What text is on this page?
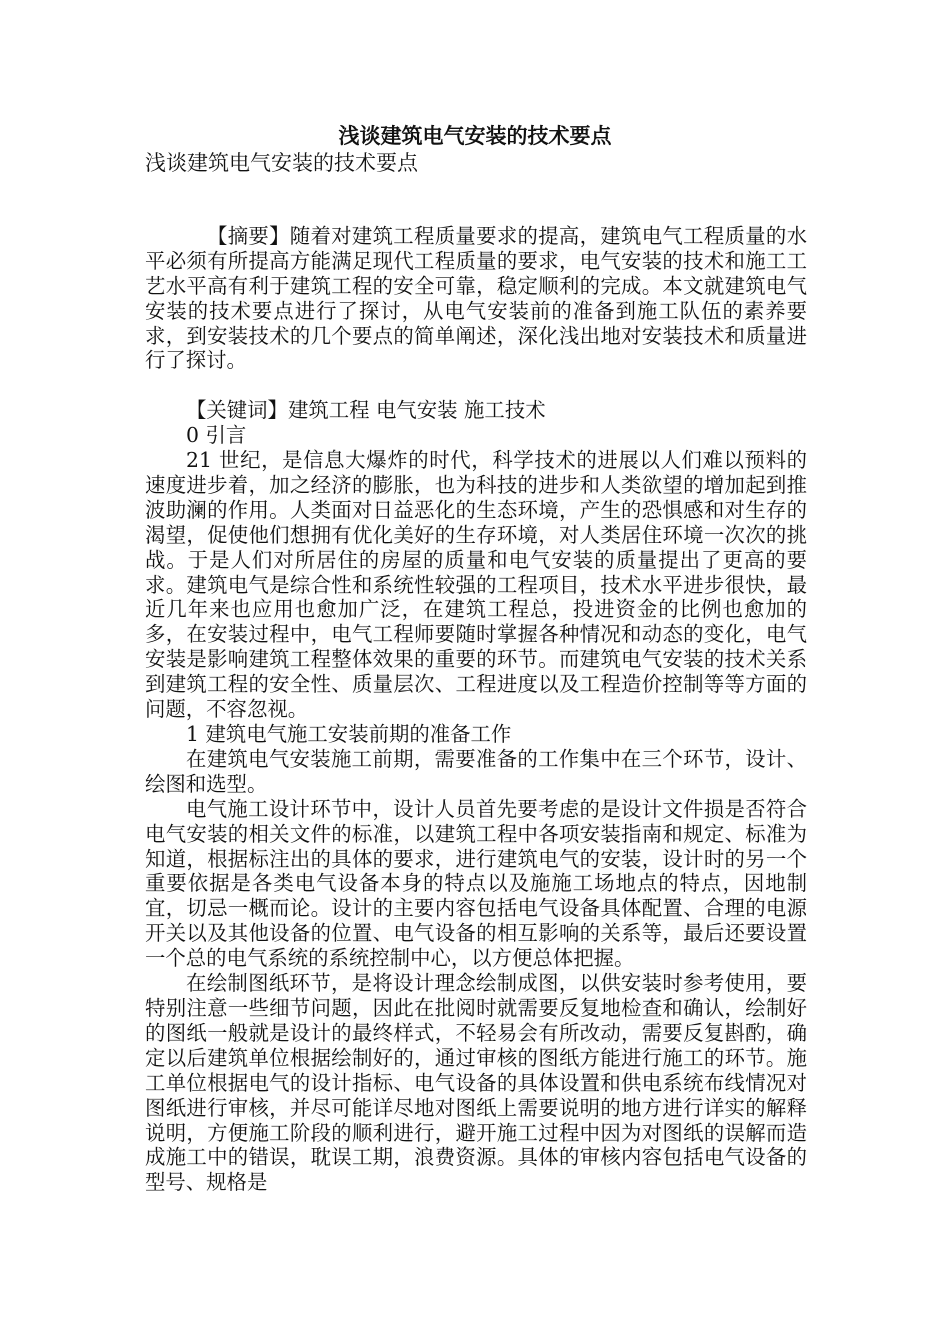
浅谈建筑电气安装的技术要点

浅谈建筑电气安装的技术要点

【摘要】随着对建筑工程质量要求的提高，建筑电气工程质量的水平必须有所提高方能满足现代工程质量的要求，电气安装的技术和施工工艺水平高有利于建筑工程的安全可靠，稳定顺利的完成。本文就建筑电气安装的技术要点进行了探讨，从电气安装前的准备到施工队伍的素养要求，到安装技术的几个要点的简单阐述，深化浅出地对安装技术和质量进行了探讨。

【关键词】建筑工程 电气安装 施工技术

0 引言

21 世纪，是信息大爆炸的时代，科学技术的进展以人们难以预料的速度进步着，加之经济的膨胀，也为科技的进步和人类欲望的增加起到推波助澜的作用。人类面对日益恶化的生态环境，产生的恐惧感和对生存的渴望，促使他们想拥有优化美好的生存环境，对人类居住环境一次次的挑战。于是人们对所居住的房屋的质量和电气安装的质量提出了更高的要求。建筑电气是综合性和系统性较强的工程项目，技术水平进步很快，最近几年来也应用也愈加广泛，在建筑工程总，投进资金的比例也愈加的多，在安装过程中，电气工程师要随时掌握各种情况和动态的变化，电气安装是影响建筑工程整体效果的重要的环节。而建筑电气安装的技术关系到建筑工程的安全性、质量层次、工程进度以及工程造价控制等等方面的问题，不容忽视。

1 建筑电气施工安装前期的准备工作

在建筑电气安装施工前期，需要准备的工作集中在三个环节，设计、绘图和选型。

电气施工设计环节中，设计人员首先要考虑的是设计文件损是否符合电气安装的相关文件的标准，以建筑工程中各项安装指南和规定、标准为知道，根据标注出的具体的要求，进行建筑电气的安装，设计时的另一个重要依据是各类电气设备本身的特点以及施施工场地点的特点，因地制宜，切忌一概而论。设计的主要内容包括电气设备具体配置、合理的电源开关以及其他设备的位置、电气设备的相互影响的关系等，最后还要设置一个总的电气系统的系统控制中心，以方便总体把握。

在绘制图纸环节，是将设计理念绘制成图，以供安装时参考使用，要特别注意一些细节问题，因此在批阅时就需要反复地检查和确认，绘制好的图纸一般就是设计的最终样式，不轻易会有所改动，需要反复斟酌，确定以后建筑单位根据绘制好的，通过审核的图纸方能进行施工的环节。施工单位根据电气的设计指标、电气设备的具体设置和供电系统布线情况对图纸进行审核，并尽可能详尽地对图纸上需要说明的地方进行详实的解释说明，方便施工阶段的顺利进行，避开施工过程中因为对图纸的误解而造成施工中的错误，耽误工期，浪费资源。具体的审核内容包括电气设备的型号、规格是
